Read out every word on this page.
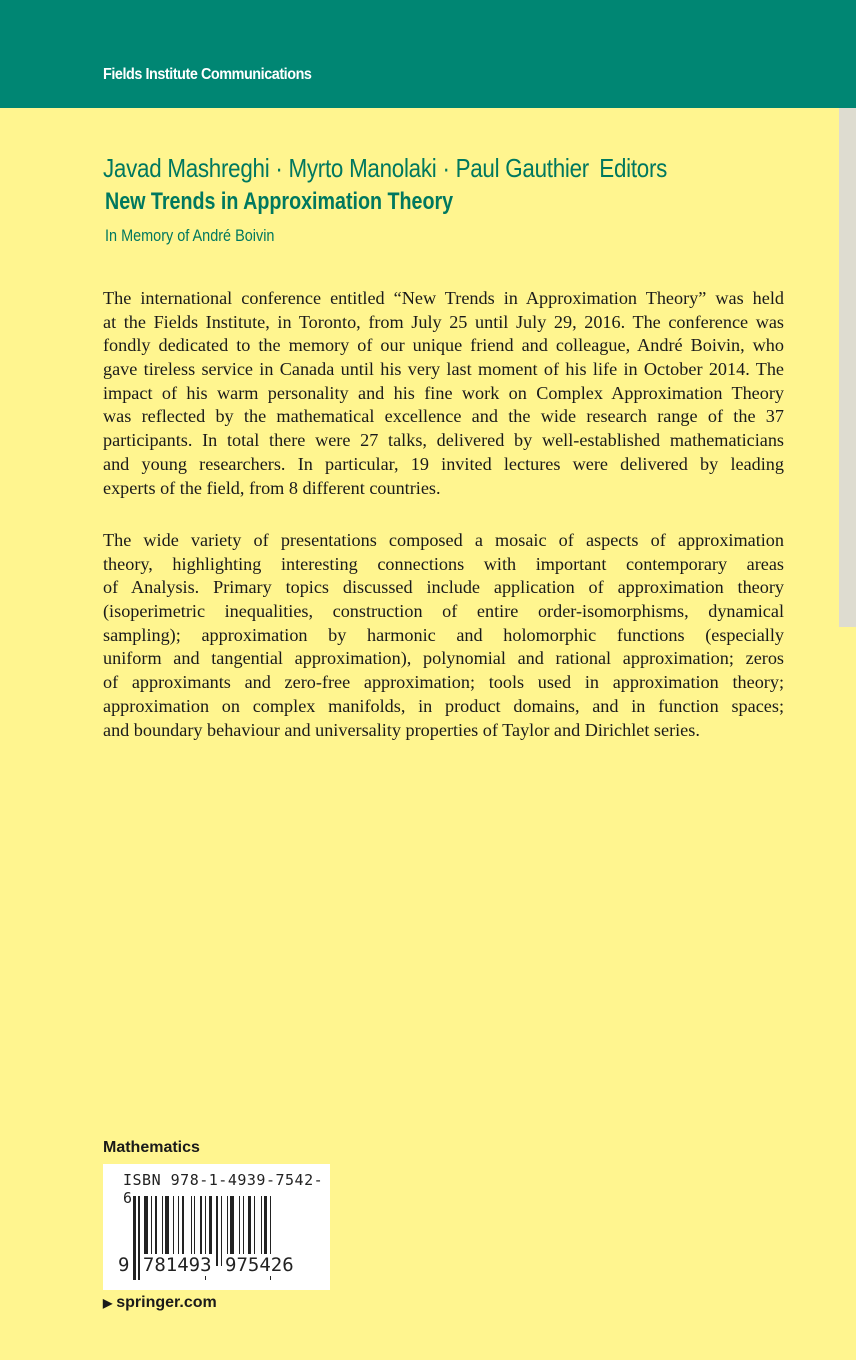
Fields Institute Communications
Javad Mashreghi · Myrto Manolaki · Paul Gauthier Editors
New Trends in Approximation Theory
In Memory of André Boivin
The international conference entitled “New Trends in Approximation Theory” was held
at the Fields Institute, in Toronto, from July 25 until July 29, 2016. The conference was
fondly dedicated to the memory of our unique friend and colleague, André Boivin, who
gave tireless service in Canada until his very last moment of his life in October 2014. The
impact of his warm personality and his fine work on Complex Approximation Theory
was reflected by the mathematical excellence and the wide research range of the 37
participants. In total there were 27 talks, delivered by well-established mathematicians
and young researchers. In particular, 19 invited lectures were delivered by leading
experts of the field, from 8 different countries.
The wide variety of presentations composed a mosaic of aspects of approximation
theory, highlighting interesting connections with important contemporary areas
of Analysis. Primary topics discussed include application of approximation theory
(isoperimetric inequalities, construction of entire order-isomorphisms, dynamical
sampling); approximation by harmonic and holomorphic functions (especially
uniform and tangential approximation), polynomial and rational approximation; zeros
of approximants and zero-free approximation; tools used in approximation theory;
approximation on complex manifolds, in product domains, and in function spaces;
and boundary behaviour and universality properties of Taylor and Dirichlet series.
Mathematics
ISBN 978-1-4939-7542-6
9 781493 975426
▶ springer.com
